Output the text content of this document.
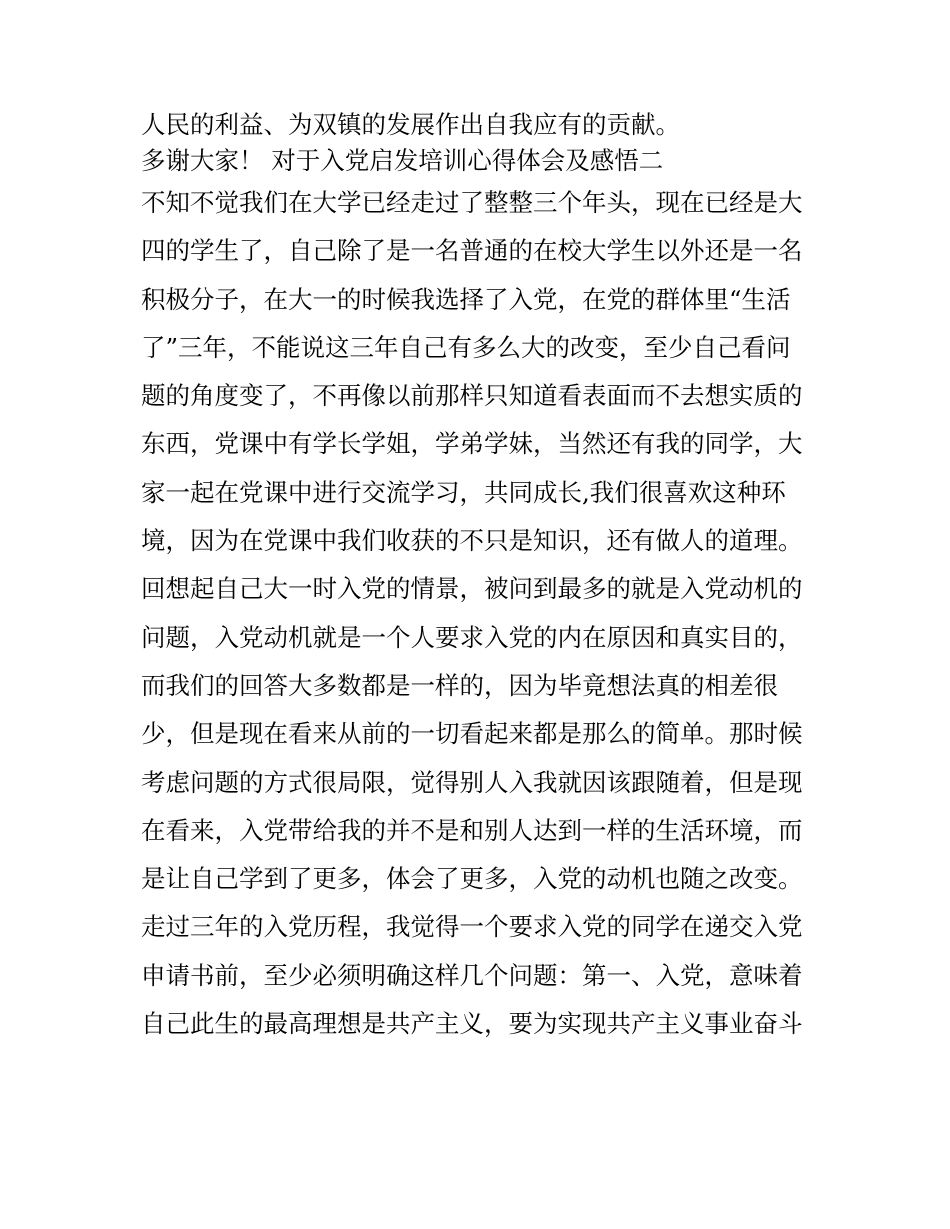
人民的利益、为双镇的发展作出自我应有的贡献。
多谢大家！ 对于入党启发培训心得体会及感悟二
不知不觉我们在大学已经走过了整整三个年头，现在已经是大
四的学生了，自己除了是一名普通的在校大学生以外还是一名
积极分子，在大一的时候我选择了入党，在党的群体里“生活
了”三年，不能说这三年自己有多么大的改变，至少自己看问
题的角度变了，不再像以前那样只知道看表面而不去想实质的
东西，党课中有学长学姐，学弟学妹，当然还有我的同学，大
家一起在党课中进行交流学习，共同成长,我们很喜欢这种环
境，因为在党课中我们收获的不只是知识，还有做人的道理。
回想起自己大一时入党的情景，被问到最多的就是入党动机的
问题，入党动机就是一个人要求入党的内在原因和真实目的，
而我们的回答大多数都是一样的，因为毕竟想法真的相差很
少，但是现在看来从前的一切看起来都是那么的简单。那时候
考虑问题的方式很局限，觉得别人入我就因该跟随着，但是现
在看来，入党带给我的并不是和别人达到一样的生活环境，而
是让自己学到了更多，体会了更多，入党的动机也随之改变。
走过三年的入党历程，我觉得一个要求入党的同学在递交入党
申请书前，至少必须明确这样几个问题：第一、入党，意味着
自己此生的最高理想是共产主义，要为实现共产主义事业奋斗
